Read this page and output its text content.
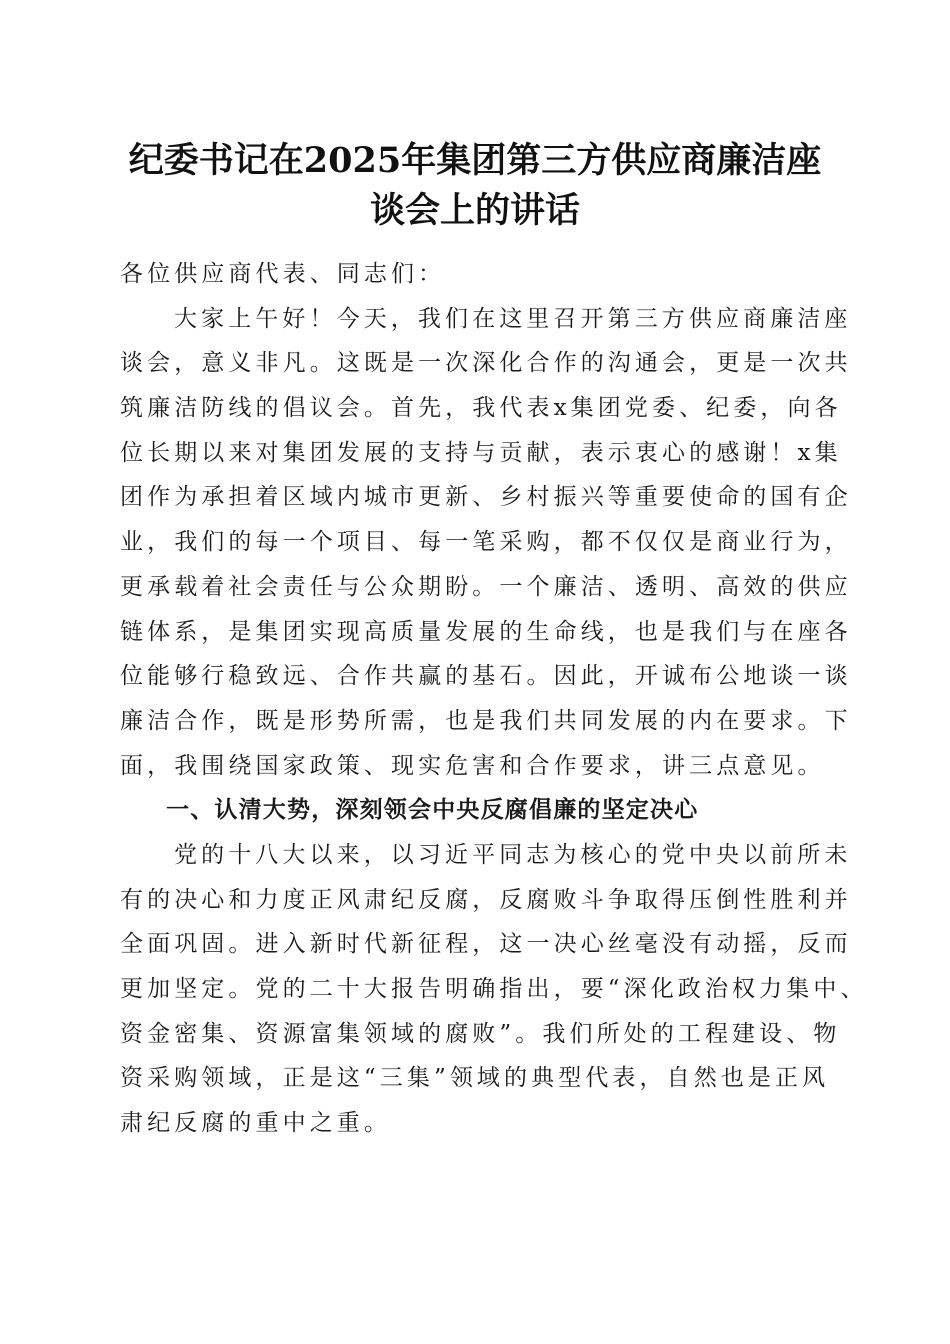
纪委书记在2025年集团第三方供应商廉洁座
谈会上的讲话
各位供应商代表、同志们：
大家上午好！今天，我们在这里召开第三方供应商廉洁座
谈会，意义非凡。这既是一次深化合作的沟通会，更是一次共
筑廉洁防线的倡议会。首先，我代表x集团党委、纪委，向各
位长期以来对集团发展的支持与贡献，表示衷心的感谢！x集
团作为承担着区域内城市更新、乡村振兴等重要使命的国有企
业，我们的每一个项目、每一笔采购，都不仅仅是商业行为，
更承载着社会责任与公众期盼。一个廉洁、透明、高效的供应
链体系，是集团实现高质量发展的生命线，也是我们与在座各
位能够行稳致远、合作共赢的基石。因此，开诚布公地谈一谈
廉洁合作，既是形势所需，也是我们共同发展的内在要求。下
面，我围绕国家政策、现实危害和合作要求，讲三点意见。
一、认清大势，深刻领会中央反腐倡廉的坚定决心
党的十八大以来，以习近平同志为核心的党中央以前所未
有的决心和力度正风肃纪反腐，反腐败斗争取得压倒性胜利并
全面巩固。进入新时代新征程，这一决心丝毫没有动摇，反而
更加坚定。党的二十大报告明确指出，要“深化政治权力集中、
资金密集、资源富集领域的腐败”。我们所处的工程建设、物
资采购领域，正是这“三集”领域的典型代表，自然也是正风
肃纪反腐的重中之重。
